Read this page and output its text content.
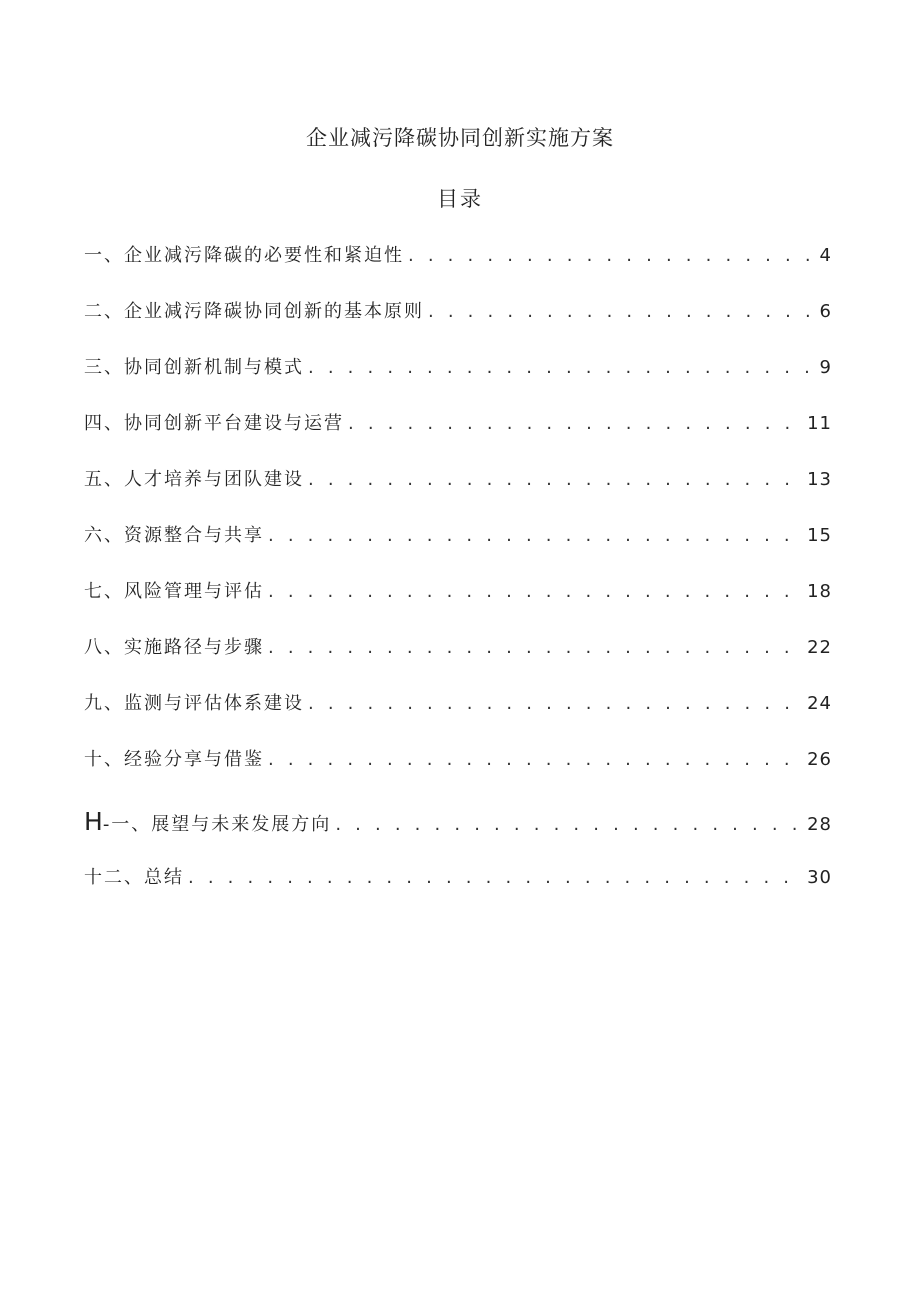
企业减污降碳协同创新实施方案
目录
一、企业减污降碳的必要性和紧迫性 . . .	4
二、企业减污降碳协同创新的基本原则 . . .	6
三、协同创新机制与模式 . . .	9
四、协同创新平台建设与运营 . . .	11
五、人才培养与团队建设 . . .	13
六、资源整合与共享 . . .	15
七、风险管理与评估 . . .	18
八、实施路径与步骤 . . .	22
九、监测与评估体系建设 . . .	24
十、经验分享与借鉴 . . .	26
H-一、展望与未来发展方向 . . .	28
十二、总结 . . .	30
